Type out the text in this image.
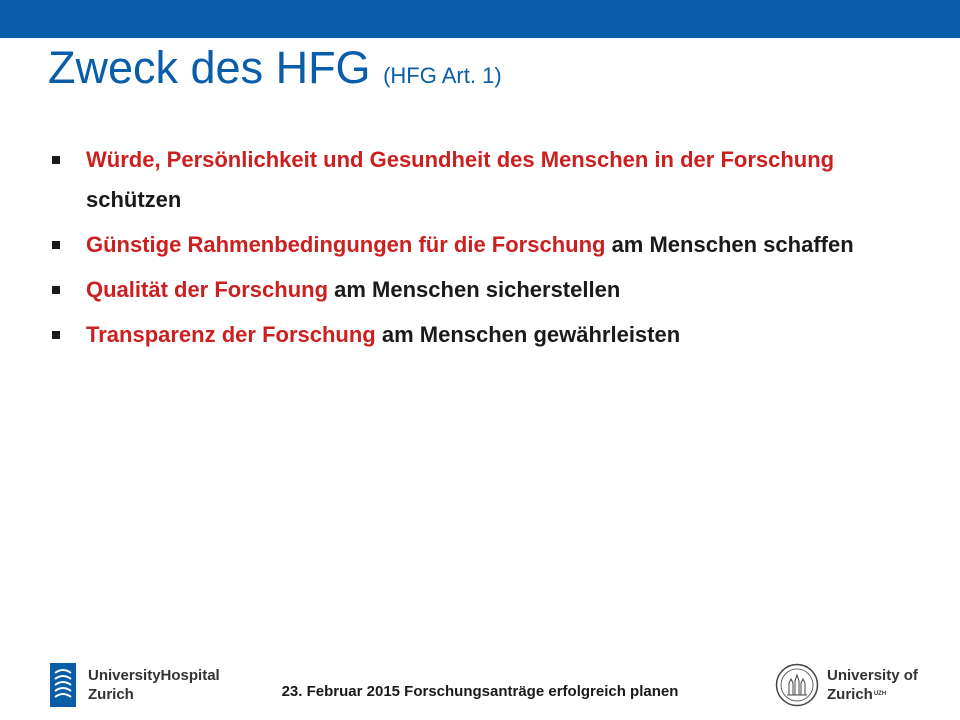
Zweck des HFG (HFG Art. 1)
Würde, Persönlichkeit und Gesundheit des Menschen in der Forschung schützen
Günstige Rahmenbedingungen für die Forschung am Menschen schaffen
Qualität der Forschung am Menschen sicherstellen
Transparenz der Forschung am Menschen gewährleisten
UniversityHospital
Zurich	23. Februar 2015 Forschungsanträge erfolgreich planen
University of
Zurich$^{UZH}$
